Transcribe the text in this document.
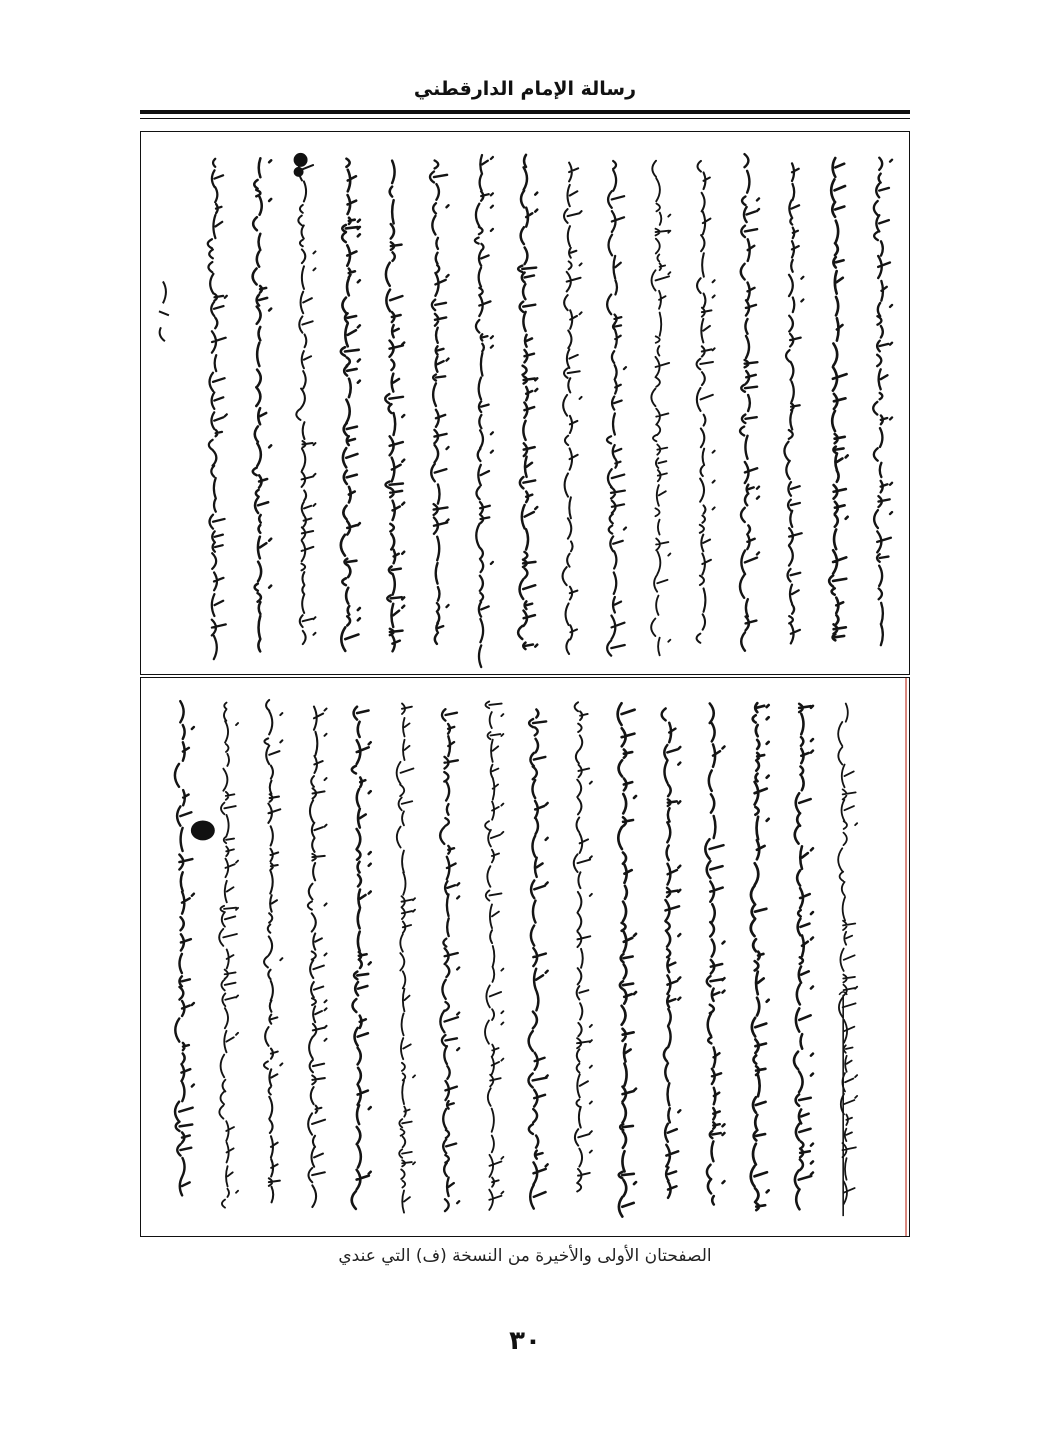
رسالة الإمام الدارقطني
الصفحتان الأولى والأخيرة من النسخة (ف) التي عندي
٣٠
